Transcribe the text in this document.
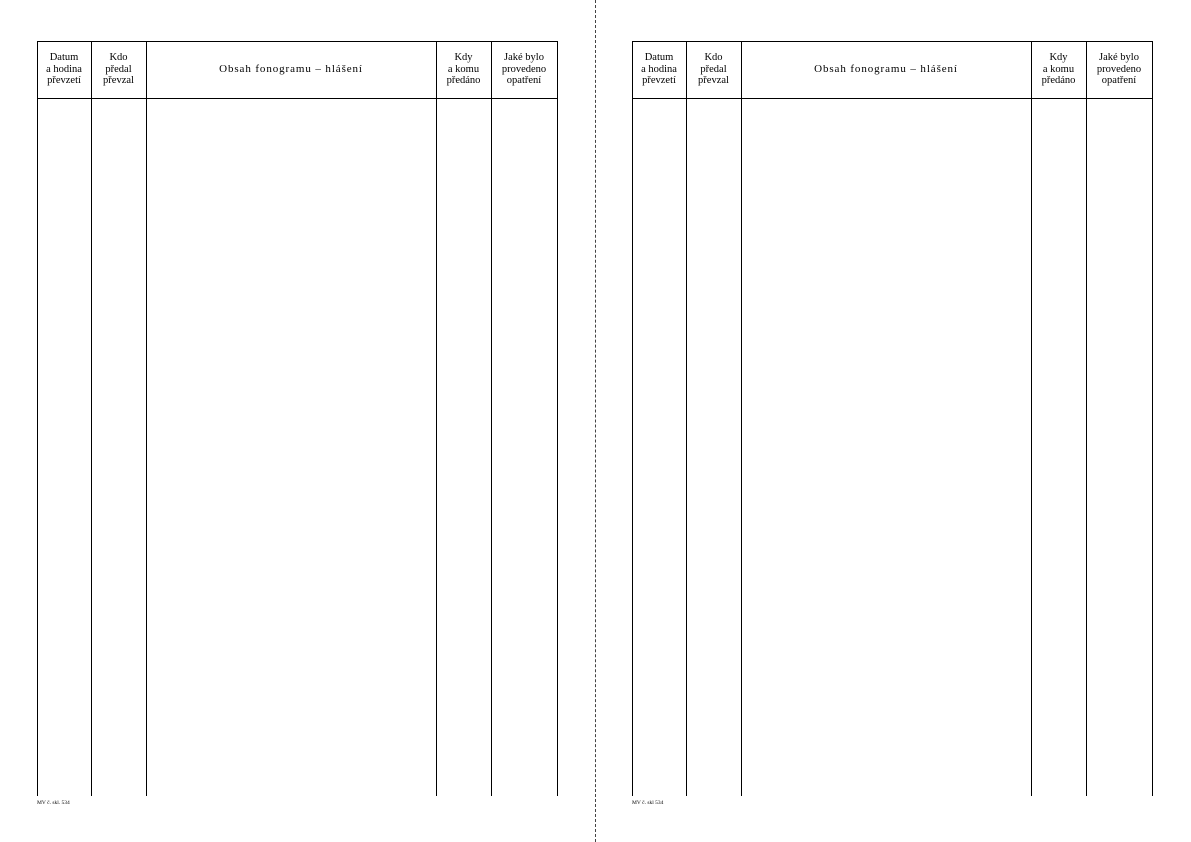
Datum
a hodina
převzetí
Kdo
předal
převzal
Obsah fonogramu – hlášení
Kdy
a komu
předáno
Jaké bylo
provedeno
opatření
MV č. skl. 534
Datum
a hodina
převzetí
Kdo
předal
převzal
Obsah fonogramu – hlášení
Kdy
a komu
předáno
Jaké bylo
provedeno
opatření
MV č. skl 534
